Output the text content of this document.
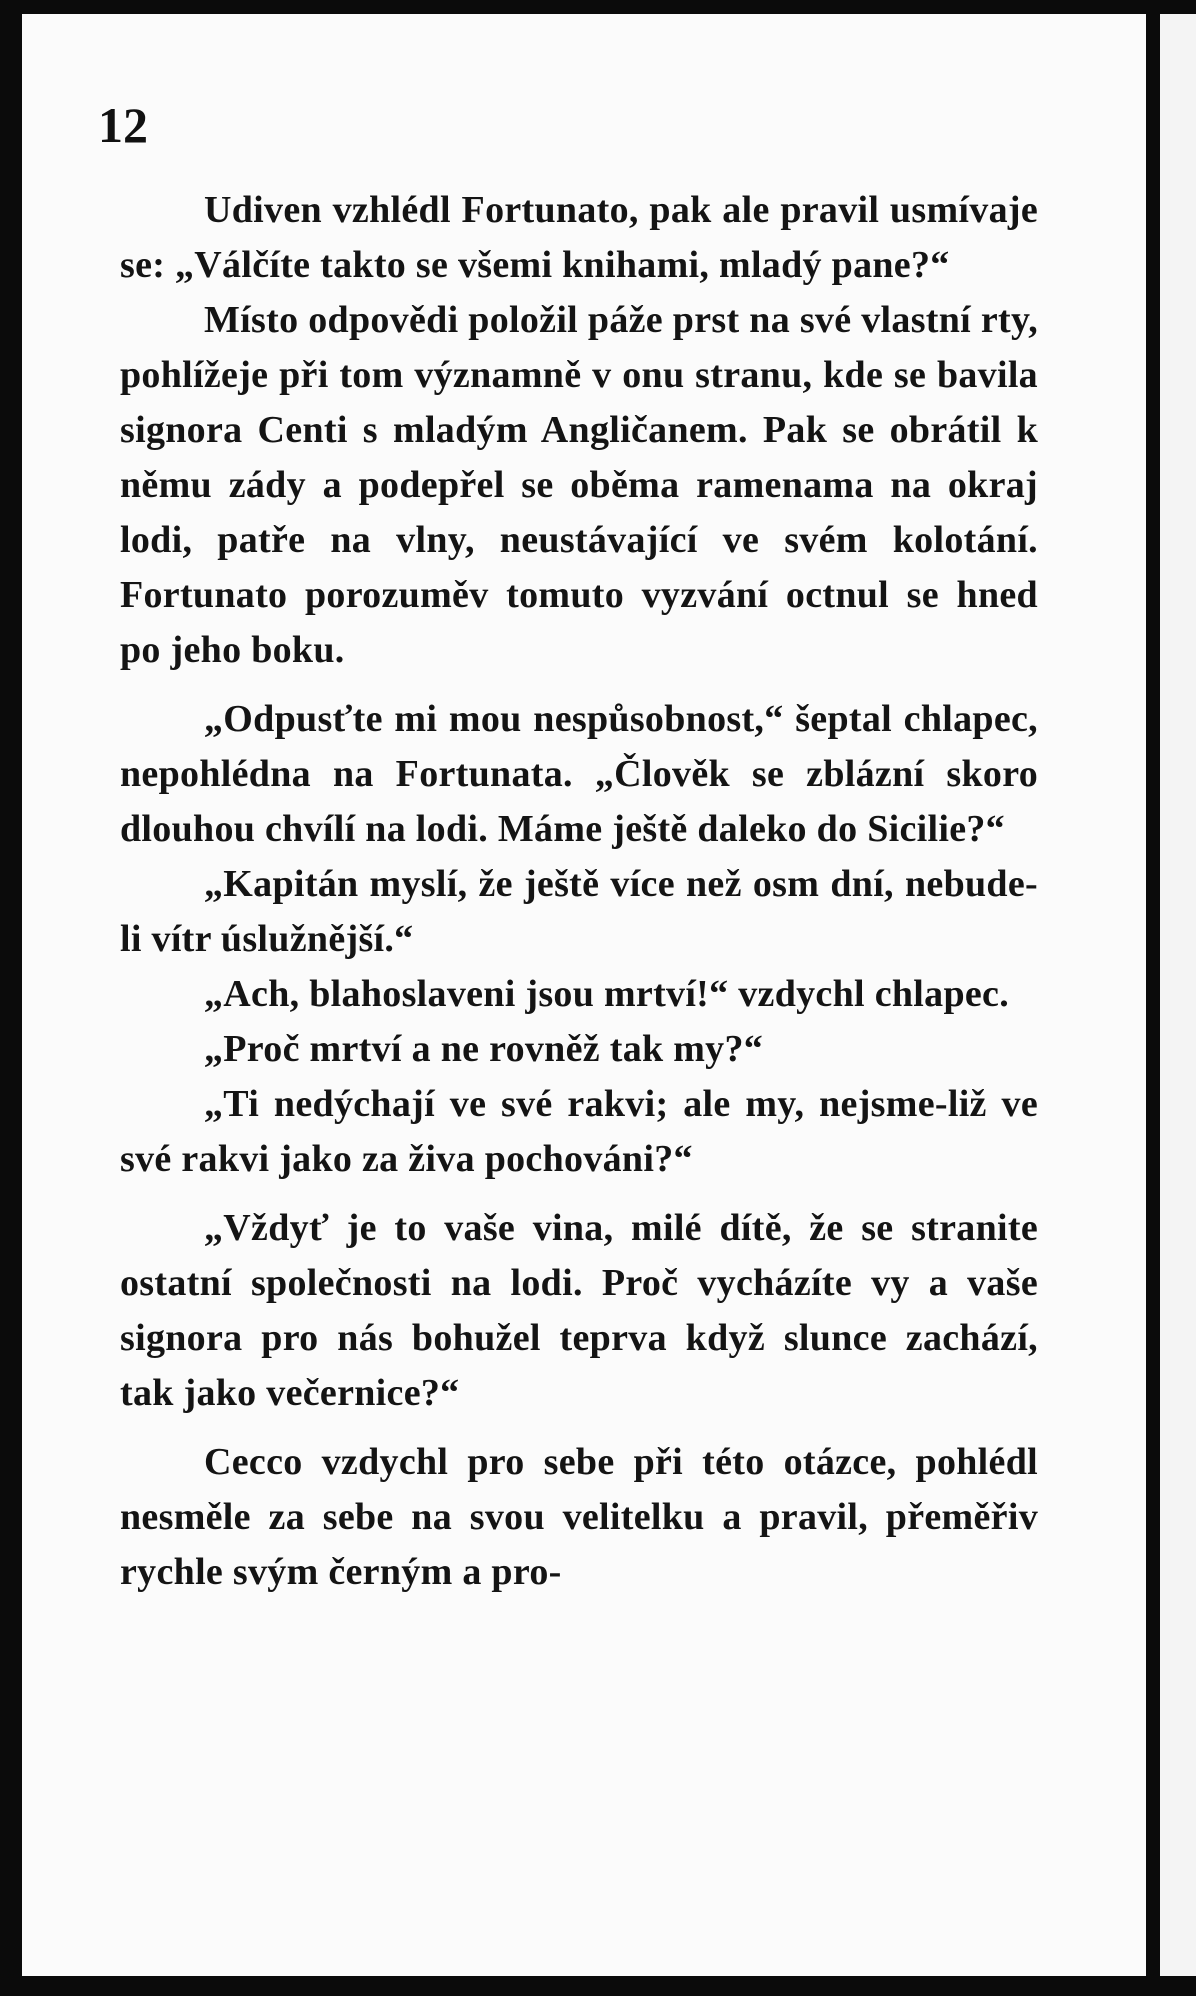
12

Udiven vzhlédl Fortunato, pak ale pravil usmívaje se: „Válčíte takto se všemi knihami, mladý pane?“

Místo odpovědi položil páže prst na své vlastní rty, pohlížeje při tom významně v onu stranu, kde se bavila signora Centi s mladým Angličanem. Pak se obrátil k němu zády a podepřel se oběma ramenama na okraj lodi, patře na vlny, neustávající ve svém kolotání. Fortunato porozuměv tomuto vyzvání octnul se hned po jeho boku.

„Odpusťte mi mou nespůsobnost,“ šeptal chlapec, nepohlédna na Fortunata. „Člověk se zblázní skoro dlouhou chvílí na lodi. Máme ještě daleko do Sicilie?“

„Kapitán myslí, že ještě více než osm dní, nebude-li vítr úslužnější.“

„Ach, blahoslaveni jsou mrtví!“ vzdychl chlapec.

„Proč mrtví a ne rovněž tak my?“

„Ti nedýchají ve své rakvi; ale my, nejsme-liž ve své rakvi jako za živa pochováni?“

„Vždyť je to vaše vina, milé dítě, že se stranite ostatní společnosti na lodi. Proč vycházíte vy a vaše signora pro nás bohužel teprva když slunce zachází, tak jako večernice?“

Cecco vzdychl pro sebe při této otázce, pohlédl nesměle za sebe na svou velitelku a pravil, přeměřiv rychle svým černým a pro-
